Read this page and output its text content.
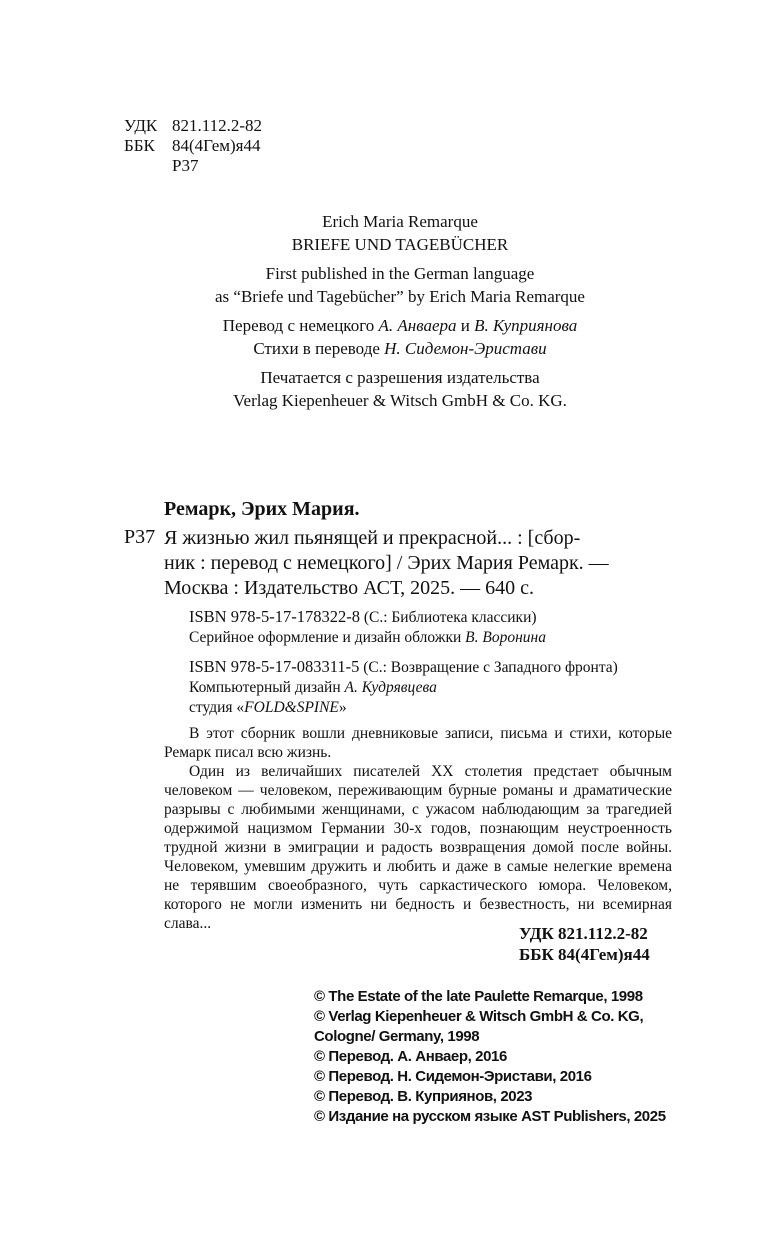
УДК 821.112.2-82
ББК 84(4Гем)я44
Р37
Erich Maria Remarque
BRIEFE UND TAGEBÜCHER
First published in the German language
as “Briefe und Tagebücher” by Erich Maria Remarque
Перевод с немецкого А. Анваера и В. Куприянова
Стихи в переводе Н. Сидемон-Эристави
Печатается с разрешения издательства
Verlag Kiepenheuer & Witsch GmbH & Co. KG.
Ремарк, Эрих Мария.
Р37 Я жизнью жил пьянящей и прекрасной... : [сбор-
ник : перевод с немецкого] / Эрих Мария Ремарк. —
Москва : Издательство АСТ, 2025. — 640 с.
ISBN 978-5-17-178322-8 (С.: Библиотека классики)
Серийное оформление и дизайн обложки В. Воронина
ISBN 978-5-17-083311-5 (С.: Возвращение с Западного фронта)
Компьютерный дизайн А. Кудрявцева
студия «FOLD&SPINE»

В этот сборник вошли дневниковые записи, письма и стихи, которые Ремарк писал всю жизнь.

Один из величайших писателей XX столетия предстает обычным человеком — человеком, переживающим бурные романы и драматические разрывы с любимыми женщинами, с ужасом наблюдающим за трагедией одержимой нацизмом Германии 30-х годов, познающим неустроенность трудной жизни в эмиграции и радость возвращения домой после войны. Человеком, умевшим дружить и любить и даже в самые нелегкие времена не терявшим своеобразного, чуть саркастического юмора. Человеком, которого не могли изменить ни бедность и безвестность, ни всемирная слава...

УДК 821.112.2-82
ББК 84(4Гем)я44
© The Estate of the late Paulette Remarque, 1998
© Verlag Kiepenheuer & Witsch GmbH & Co. KG,
Cologne/ Germany, 1998
© Перевод. А. Анваер, 2016
© Перевод. Н. Сидемон-Эристави, 2016
© Перевод. В. Куприянов, 2023
© Издание на русском языке AST Publishers, 2025
